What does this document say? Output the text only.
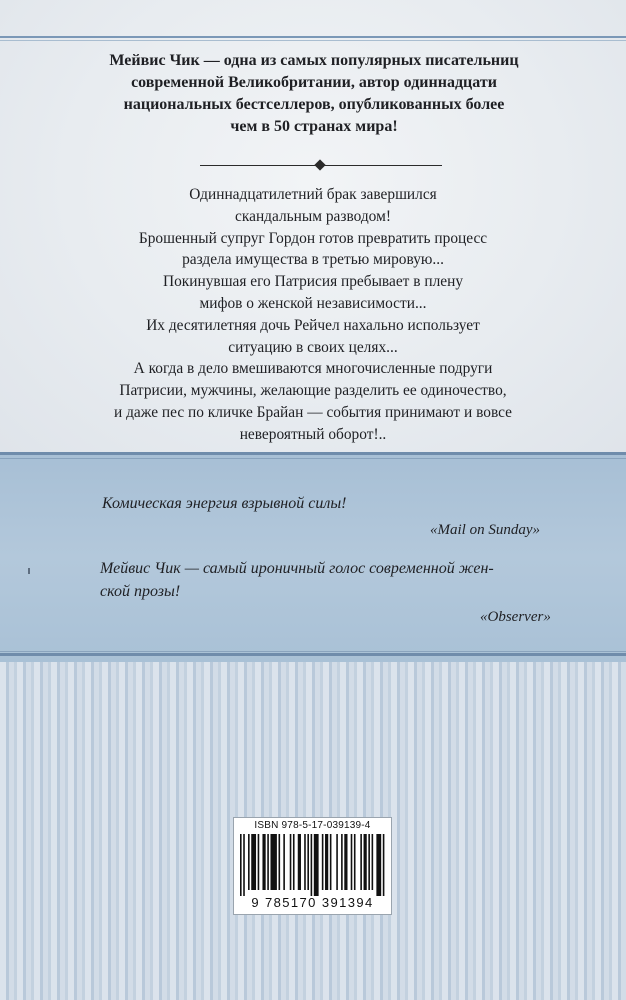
Мейвис Чик — одна из самых популярных писательниц
современной Великобритании, автор одиннадцати
национальных бестселлеров, опубликованных более
чем в 50 странах мира!
Одиннадцатилетний брак завершился
скандальным разводом!
Брошенный супруг Гордон готов превратить процесс
раздела имущества в третью мировую...
Покинувшая его Патрисия пребывает в плену
мифов о женской независимости...
Их десятилетняя дочь Рейчел нахально использует
ситуацию в своих целях...
А когда в дело вмешиваются многочисленные подруги
Патрисии, мужчины, желающие разделить ее одиночество,
и даже пес по кличке Брайан — события принимают и вовсе
невероятный оборот!..
Комическая энергия взрывной силы!
«Mail on Sunday»
Мейвис Чик — самый ироничный голос современной жен-
ской прозы!
«Observer»
ISBN 978-5-17-039139-4
9 785170 391394
